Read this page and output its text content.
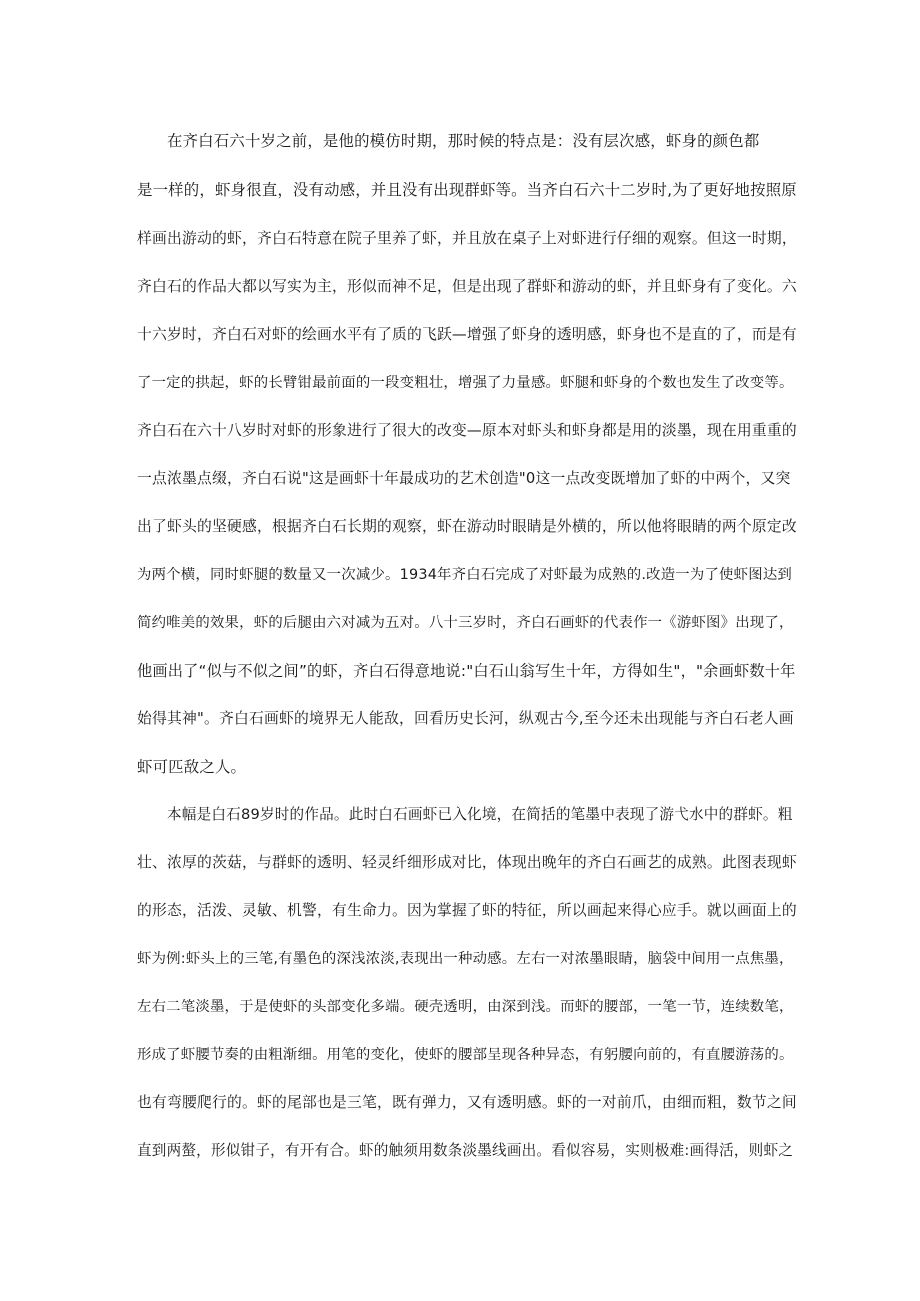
在齐白石六十岁之前，是他的模仿时期，那时候的特点是：没有层次感，虾身的颜色都
是一样的，虾身很直，没有动感，并且没有出现群虾等。当齐白石六十二岁时,为了更好地按照原
样画出游动的虾，齐白石特意在院子里养了虾，并且放在桌子上对虾进行仔细的观察。但这一时期，
齐白石的作品大都以写实为主，形似而神不足，但是出现了群虾和游动的虾，并且虾身有了变化。六
十六岁时，齐白石对虾的绘画水平有了质的飞跃—增强了虾身的透明感，虾身也不是直的了，而是有
了一定的拱起，虾的长臂钳最前面的一段变粗壮，增强了力量感。虾腿和虾身的个数也发生了改变等。
齐白石在六十八岁时对虾的形象进行了很大的改变—原本对虾头和虾身都是用的淡墨，现在用重重的
一点浓墨点缀，齐白石说"这是画虾十年最成功的艺术创造"0这一点改变既增加了虾的中两个，又突
出了虾头的坚硬感，根据齐白石长期的观察，虾在游动时眼睛是外横的，所以他将眼睛的两个原定改
为两个横，同时虾腿的数量又一次减少。1934年齐白石完成了对虾最为成熟的.改造一为了使虾图达到
简约唯美的效果，虾的后腿由六对减为五对。八十三岁时，齐白石画虾的代表作一《游虾图》出现了，
他画出了“似与不似之间”的虾，齐白石得意地说:"白石山翁写生十年，方得如生"，"余画虾数十年
始得其神"。齐白石画虾的境界无人能敌，回看历史长河，纵观古今,至今还未出现能与齐白石老人画
虾可匹敌之人。
本幅是白石89岁时的作品。此时白石画虾已入化境，在简括的笔墨中表现了游弋水中的群虾。粗
壮、浓厚的茨菇，与群虾的透明、轻灵纤细形成对比，体现出晚年的齐白石画艺的成熟。此图表现虾
的形态，活泼、灵敏、机警，有生命力。因为掌握了虾的特征，所以画起来得心应手。就以画面上的
虾为例:虾头上的三笔,有墨色的深浅浓淡,表现出一种动感。左右一对浓墨眼睛，脑袋中间用一点焦墨，
左右二笔淡墨，于是使虾的头部变化多端。硬壳透明，由深到浅。而虾的腰部，一笔一节，连续数笔，
形成了虾腰节奏的由粗渐细。用笔的变化，使虾的腰部呈现各种异态，有躬腰向前的，有直腰游荡的。
也有弯腰爬行的。虾的尾部也是三笔，既有弹力，又有透明感。虾的一对前爪，由细而粗，数节之间
直到两螯，形似钳子，有开有合。虾的触须用数条淡墨线画出。看似容易，实则极难:画得活，则虾之
